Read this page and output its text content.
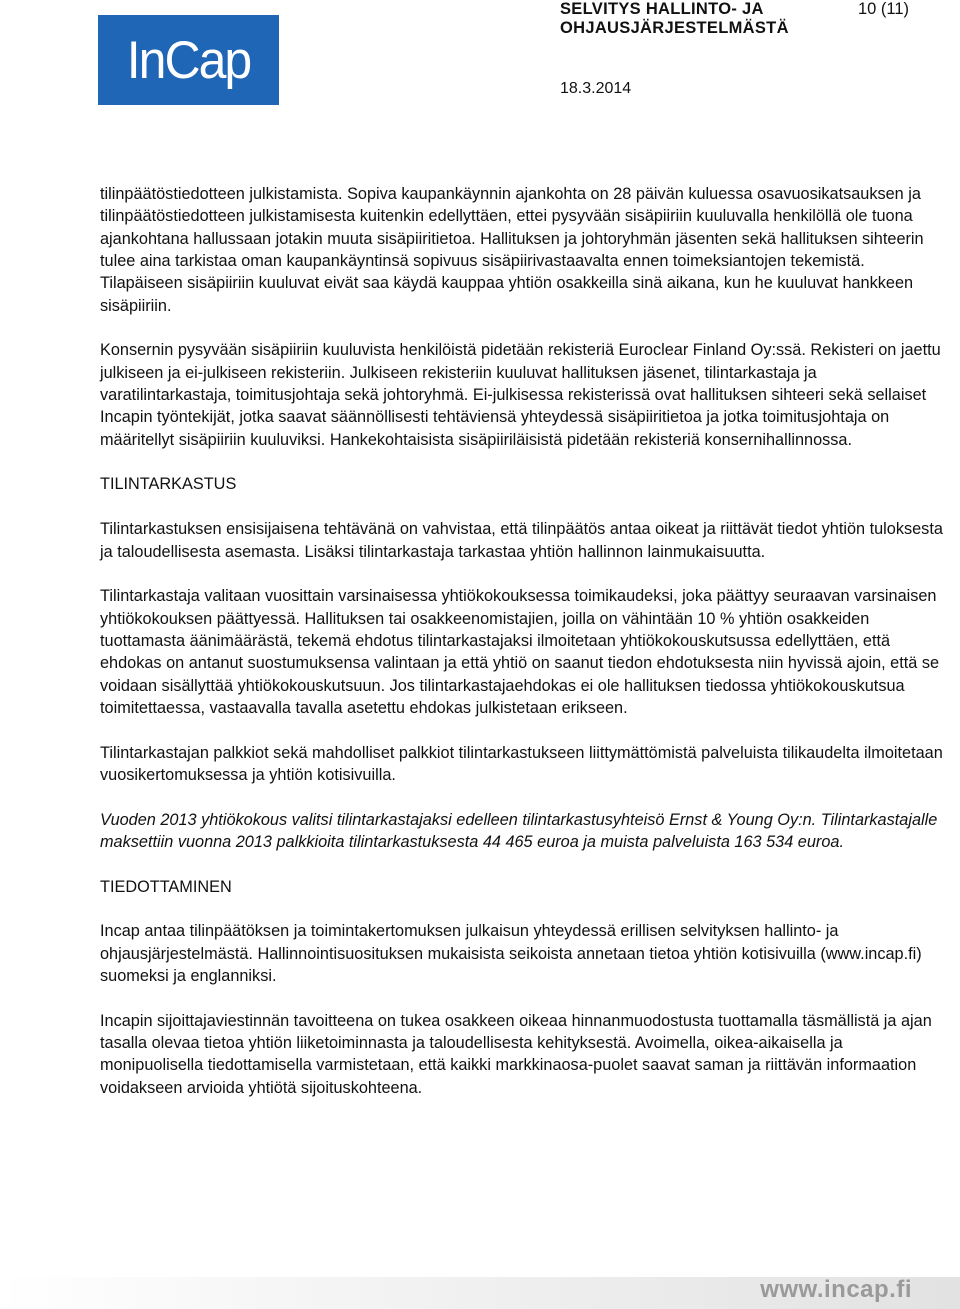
InCap
SELVITYS HALLINTO- JA OHJAUSJÄRJESTELMÄSTÄ
10 (11)
18.3.2014

tilinpäätöstiedotteen julkistamista. Sopiva kaupankäynnin ajankohta on 28 päivän kuluessa osavuosikatsauksen ja tilinpäätöstiedotteen julkistamisesta kuitenkin edellyttäen, ettei pysyvään sisäpiiriin kuuluvalla henkilöllä ole tuona ajankohtana hallussaan jotakin muuta sisäpiiritietoa. Hallituksen ja johtoryhmän jäsenten sekä hallituksen sihteerin tulee aina tarkistaa oman kaupankäyntinsä sopivuus sisäpiirivastaavalta ennen toimeksiantojen tekemistä. Tilapäiseen sisäpiiriin kuuluvat eivät saa käydä kauppaa yhtiön osakkeilla sinä aikana, kun he kuuluvat hankkeen sisäpiiriin.

Konsernin pysyvään sisäpiiriin kuuluvista henkilöistä pidetään rekisteriä Euroclear Finland Oy:ssä. Rekisteri on jaettu julkiseen ja ei-julkiseen rekisteriin. Julkiseen rekisteriin kuuluvat hallituksen jäsenet, tilintarkastaja ja varatilintarkastaja, toimitusjohtaja sekä johtoryhmä. Ei-julkisessa rekisterissä ovat hallituksen sihteeri sekä sellaiset Incapin työntekijät, jotka saavat säännöllisesti tehtäviensä yhteydessä sisäpiiritietoa ja jotka toimitusjohtaja on määritellyt sisäpiiriin kuuluviksi. Hankekohtaisista sisäpiiriläisistä pidetään rekisteriä konsernihallinnossa.

TILINTARKASTUS

Tilintarkastuksen ensisijaisena tehtävänä on vahvistaa, että tilinpäätös antaa oikeat ja riittävät tiedot yhtiön tuloksesta ja taloudellisesta asemasta. Lisäksi tilintarkastaja tarkastaa yhtiön hallinnon lainmukaisuutta.

Tilintarkastaja valitaan vuosittain varsinaisessa yhtiökokouksessa toimikaudeksi, joka päättyy seuraavan varsinaisen yhtiökokouksen päättyessä. Hallituksen tai osakkeenomistajien, joilla on vähintään 10 % yhtiön osakkeiden tuottamasta äänimäärästä, tekemä ehdotus tilintarkastajaksi ilmoitetaan yhtiökokouskutsussa edellyttäen, että ehdokas on antanut suostumuksensa valintaan ja että yhtiö on saanut tiedon ehdotuksesta niin hyvissä ajoin, että se voidaan sisällyttää yhtiökokouskutsuun. Jos tilintarkastajaehdokas ei ole hallituksen tiedossa yhtiökokouskutsua toimitettaessa, vastaavalla tavalla asetettu ehdokas julkistetaan erikseen.

Tilintarkastajan palkkiot sekä mahdolliset palkkiot tilintarkastukseen liittymättömistä palveluista tilikaudelta ilmoitetaan vuosikertomuksessa ja yhtiön kotisivuilla.

Vuoden 2013 yhtiökokous valitsi tilintarkastajaksi edelleen tilintarkastusyhteisö Ernst & Young Oy:n. Tilintarkastajalle maksettiin vuonna 2013 palkkioita tilintarkastuksesta 44 465 euroa ja muista palveluista 163 534 euroa.

TIEDOTTAMINEN

Incap antaa tilinpäätöksen ja toimintakertomuksen julkaisun yhteydessä erillisen selvityksen hallinto- ja ohjausjärjestelmästä. Hallinnointisuosituksen mukaisista seikoista annetaan tietoa yhtiön kotisivuilla (www.incap.fi) suomeksi ja englanniksi.

Incapin sijoittajaviestinnän tavoitteena on tukea osakkeen oikeaa hinnanmuodostusta tuottamalla täsmällistä ja ajan tasalla olevaa tietoa yhtiön liiketoiminnasta ja taloudellisesta kehityksestä. Avoimella, oikea-aikaisella ja monipuolisella tiedottamisella varmistetaan, että kaikki markkinaosa-puolet saavat saman ja riittävän informaation voidakseen arvioida yhtiötä sijoituskohteena.

www.incap.fi
